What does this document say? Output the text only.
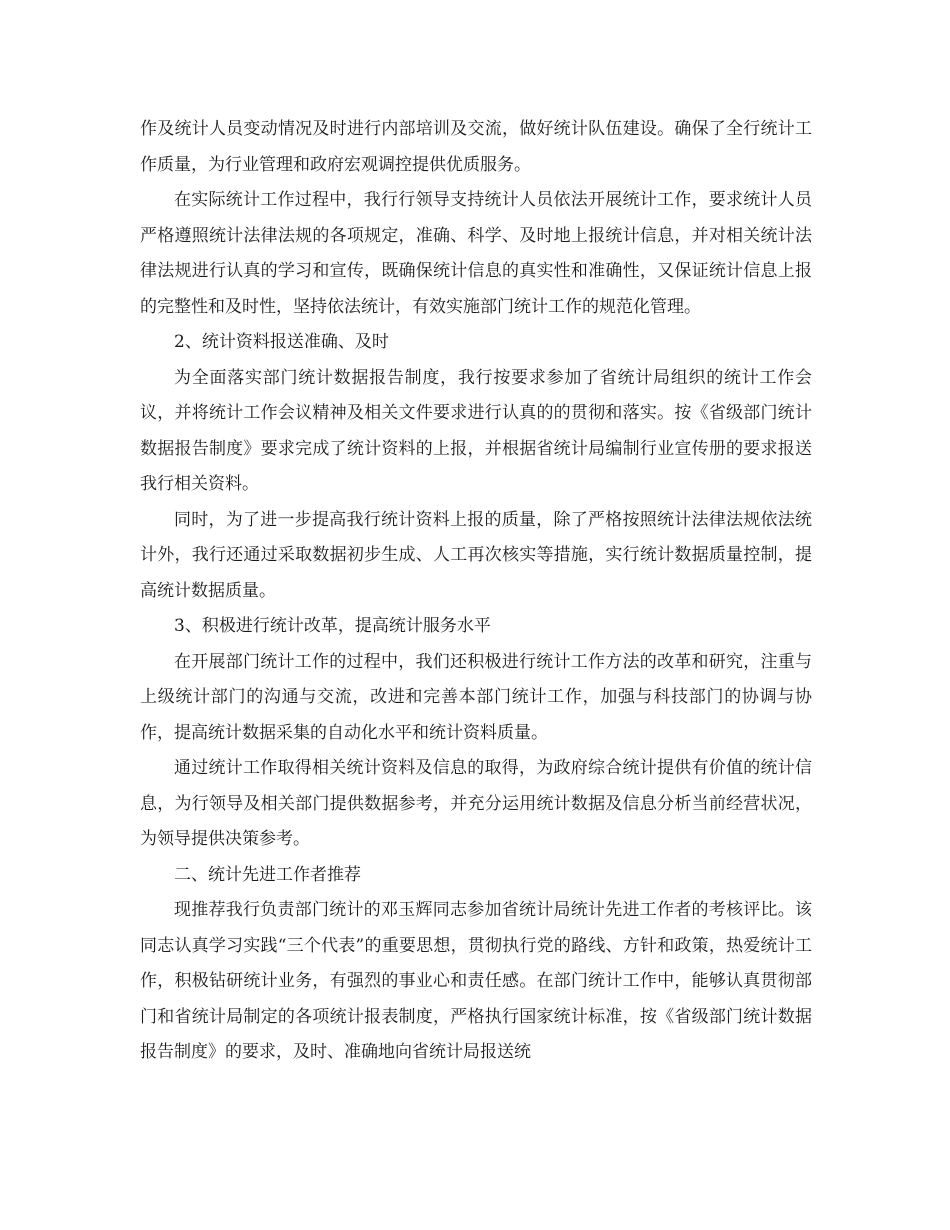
作及统计人员变动情况及时进行内部培训及交流，做好统计队伍建设。确保了全行统计工作质量，为行业管理和政府宏观调控提供优质服务。

在实际统计工作过程中，我行行领导支持统计人员依法开展统计工作，要求统计人员严格遵照统计法律法规的各项规定，准确、科学、及时地上报统计信息，并对相关统计法律法规进行认真的学习和宣传，既确保统计信息的真实性和准确性，又保证统计信息上报的完整性和及时性，坚持依法统计，有效实施部门统计工作的规范化管理。

2、统计资料报送准确、及时

为全面落实部门统计数据报告制度，我行按要求参加了省统计局组织的统计工作会议，并将统计工作会议精神及相关文件要求进行认真的的贯彻和落实。按《省级部门统计数据报告制度》要求完成了统计资料的上报，并根据省统计局编制行业宣传册的要求报送我行相关资料。

同时，为了进一步提高我行统计资料上报的质量，除了严格按照统计法律法规依法统计外，我行还通过采取数据初步生成、人工再次核实等措施，实行统计数据质量控制，提高统计数据质量。

3、积极进行统计改革，提高统计服务水平

在开展部门统计工作的过程中，我们还积极进行统计工作方法的改革和研究，注重与上级统计部门的沟通与交流，改进和完善本部门统计工作，加强与科技部门的协调与协作，提高统计数据采集的自动化水平和统计资料质量。

通过统计工作取得相关统计资料及信息的取得，为政府综合统计提供有价值的统计信息，为行领导及相关部门提供数据参考，并充分运用统计数据及信息分析当前经营状况，为领导提供决策参考。

二、统计先进工作者推荐

现推荐我行负责部门统计的邓玉辉同志参加省统计局统计先进工作者的考核评比。该同志认真学习实践“三个代表”的重要思想，贯彻执行党的路线、方针和政策，热爱统计工作，积极钻研统计业务，有强烈的事业心和责任感。在部门统计工作中，能够认真贯彻部门和省统计局制定的各项统计报表制度，严格执行国家统计标准，按《省级部门统计数据报告制度》的要求，及时、准确地向省统计局报送统
